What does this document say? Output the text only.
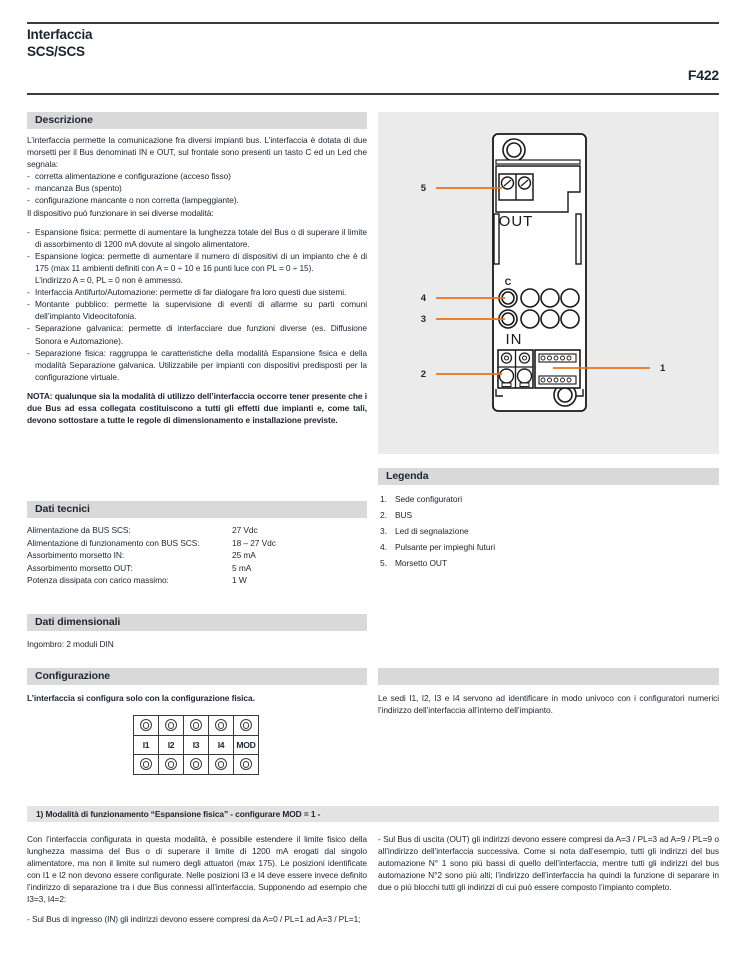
Interfaccia
SCS/SCS
F422
Descrizione

L’interfaccia permette la comunicazione fra diversi impianti bus. L’interfaccia è dotata di due morsetti per il Bus denominati IN e OUT, sul frontale sono presenti un tasto C ed un Led che segnala:

- corretta alimentazione e configurazione (acceso fisso)
- mancanza Bus (spento)
- configurazione mancante o non corretta (lampeggiante).

Il dispositivo può funzionare in sei diverse modalità:

- Espansione fisica: permette di aumentare la lunghezza totale del Bus o di superare il limite di assorbimento di 1200 mA dovute al singolo alimentatore.
- Espansione logica: permette di aumentare il numero di dispositivi di un impianto che è di 175 (max 11 ambienti definiti con A = 0 ÷ 10 e 16 punti luce con PL = 0 ÷ 15).
L’indirizzo A = 0, PL = 0 non è ammesso.
- Interfaccia Antifurto/Automazione: permette di far dialogare fra loro questi due sistemi.
- Montante pubblico: permette la supervisione di eventi di allarme su parti comuni dell’impianto Videocitofonia.
- Separazione galvanica: permette di interfacciare due funzioni diverse (es. Diffusione Sonora e Automazione).
- Separazione fisica: raggruppa le caratteristiche della modalità Espansione fisica e della modalità Separazione galvanica. Utilizzabile per impianti con dispositivi predisposti per la configurazione virtuale.

NOTA: qualunque sia la modalità di utilizzo dell’interfaccia occorre tener presente che i due Bus ad essa collegata costituiscono a tutti gli effetti due impianti e, come tali, devono sottostare a tutte le regole di dimensionamento e installazione previste.

C
OUT
IN
5
4
3
2
1
Legenda
1. Sede configuratori
2. BUS
3. Led di segnalazione
4. Pulsante per impieghi futuri
5. Morsetto OUT
Dati tecnici
Alimentazione da BUS SCS:	27 Vdc
Alimentazione di funzionamento con BUS SCS:	18 – 27 Vdc
Assorbimento morsetto IN:	25 mA
Assorbimento morsetto OUT:	5 mA
Potenza dissipata con carico massimo:	1 W
Dati dimensionali
Ingombro: 2 moduli DIN
Configurazione
L’interfaccia si configura solo con la configurazione fisica.	Le sedi I1, I2, I3 e I4 servono ad identificare in modo univoco con i configuratori numerici l’indirizzo dell’interfaccia all’interno dell’impianto.

I1	I2	I3	I4	MOD

1) Modalità di funzionamento “Espansione fisica” - configurare MOD = 1 -

Con l’interfaccia configurata in questa modalità, è possibile estendere il limite fisico della lunghezza massima del Bus o di superare il limite di 1200 mA erogati dal singolo alimentatore, ma non il limite sul numero degli attuatori (max 175). Le posizioni identificate con I1 e I2 non devono essere configurate. Nelle posizioni I3 e I4 deve essere invece definito l’indirizzo di separazione tra i due Bus connessi all’interfaccia. Supponendo ad esempio che I3=3, I4=2:

- Sul Bus di ingresso (IN) gli indirizzi devono essere compresi da A=0 / PL=1 ad A=3 / PL=1;

- Sul Bus di uscita (OUT) gli indirizzi devono essere compresi da A=3 / PL=3 ad A=9 / PL=9 o all’indirizzo dell’interfaccia successiva. Come si nota dall’esempio, tutti gli indirizzi del bus automazione N° 1 sono più bassi di quello dell’interfaccia, mentre tutti gli indirizzi del bus automazione N°2 sono più alti; l’indirizzo dell’interfaccia ha quindi la funzione di separare in due o più blocchi tutti gli indirizzi di cui può essere composto l’impianto completo.
